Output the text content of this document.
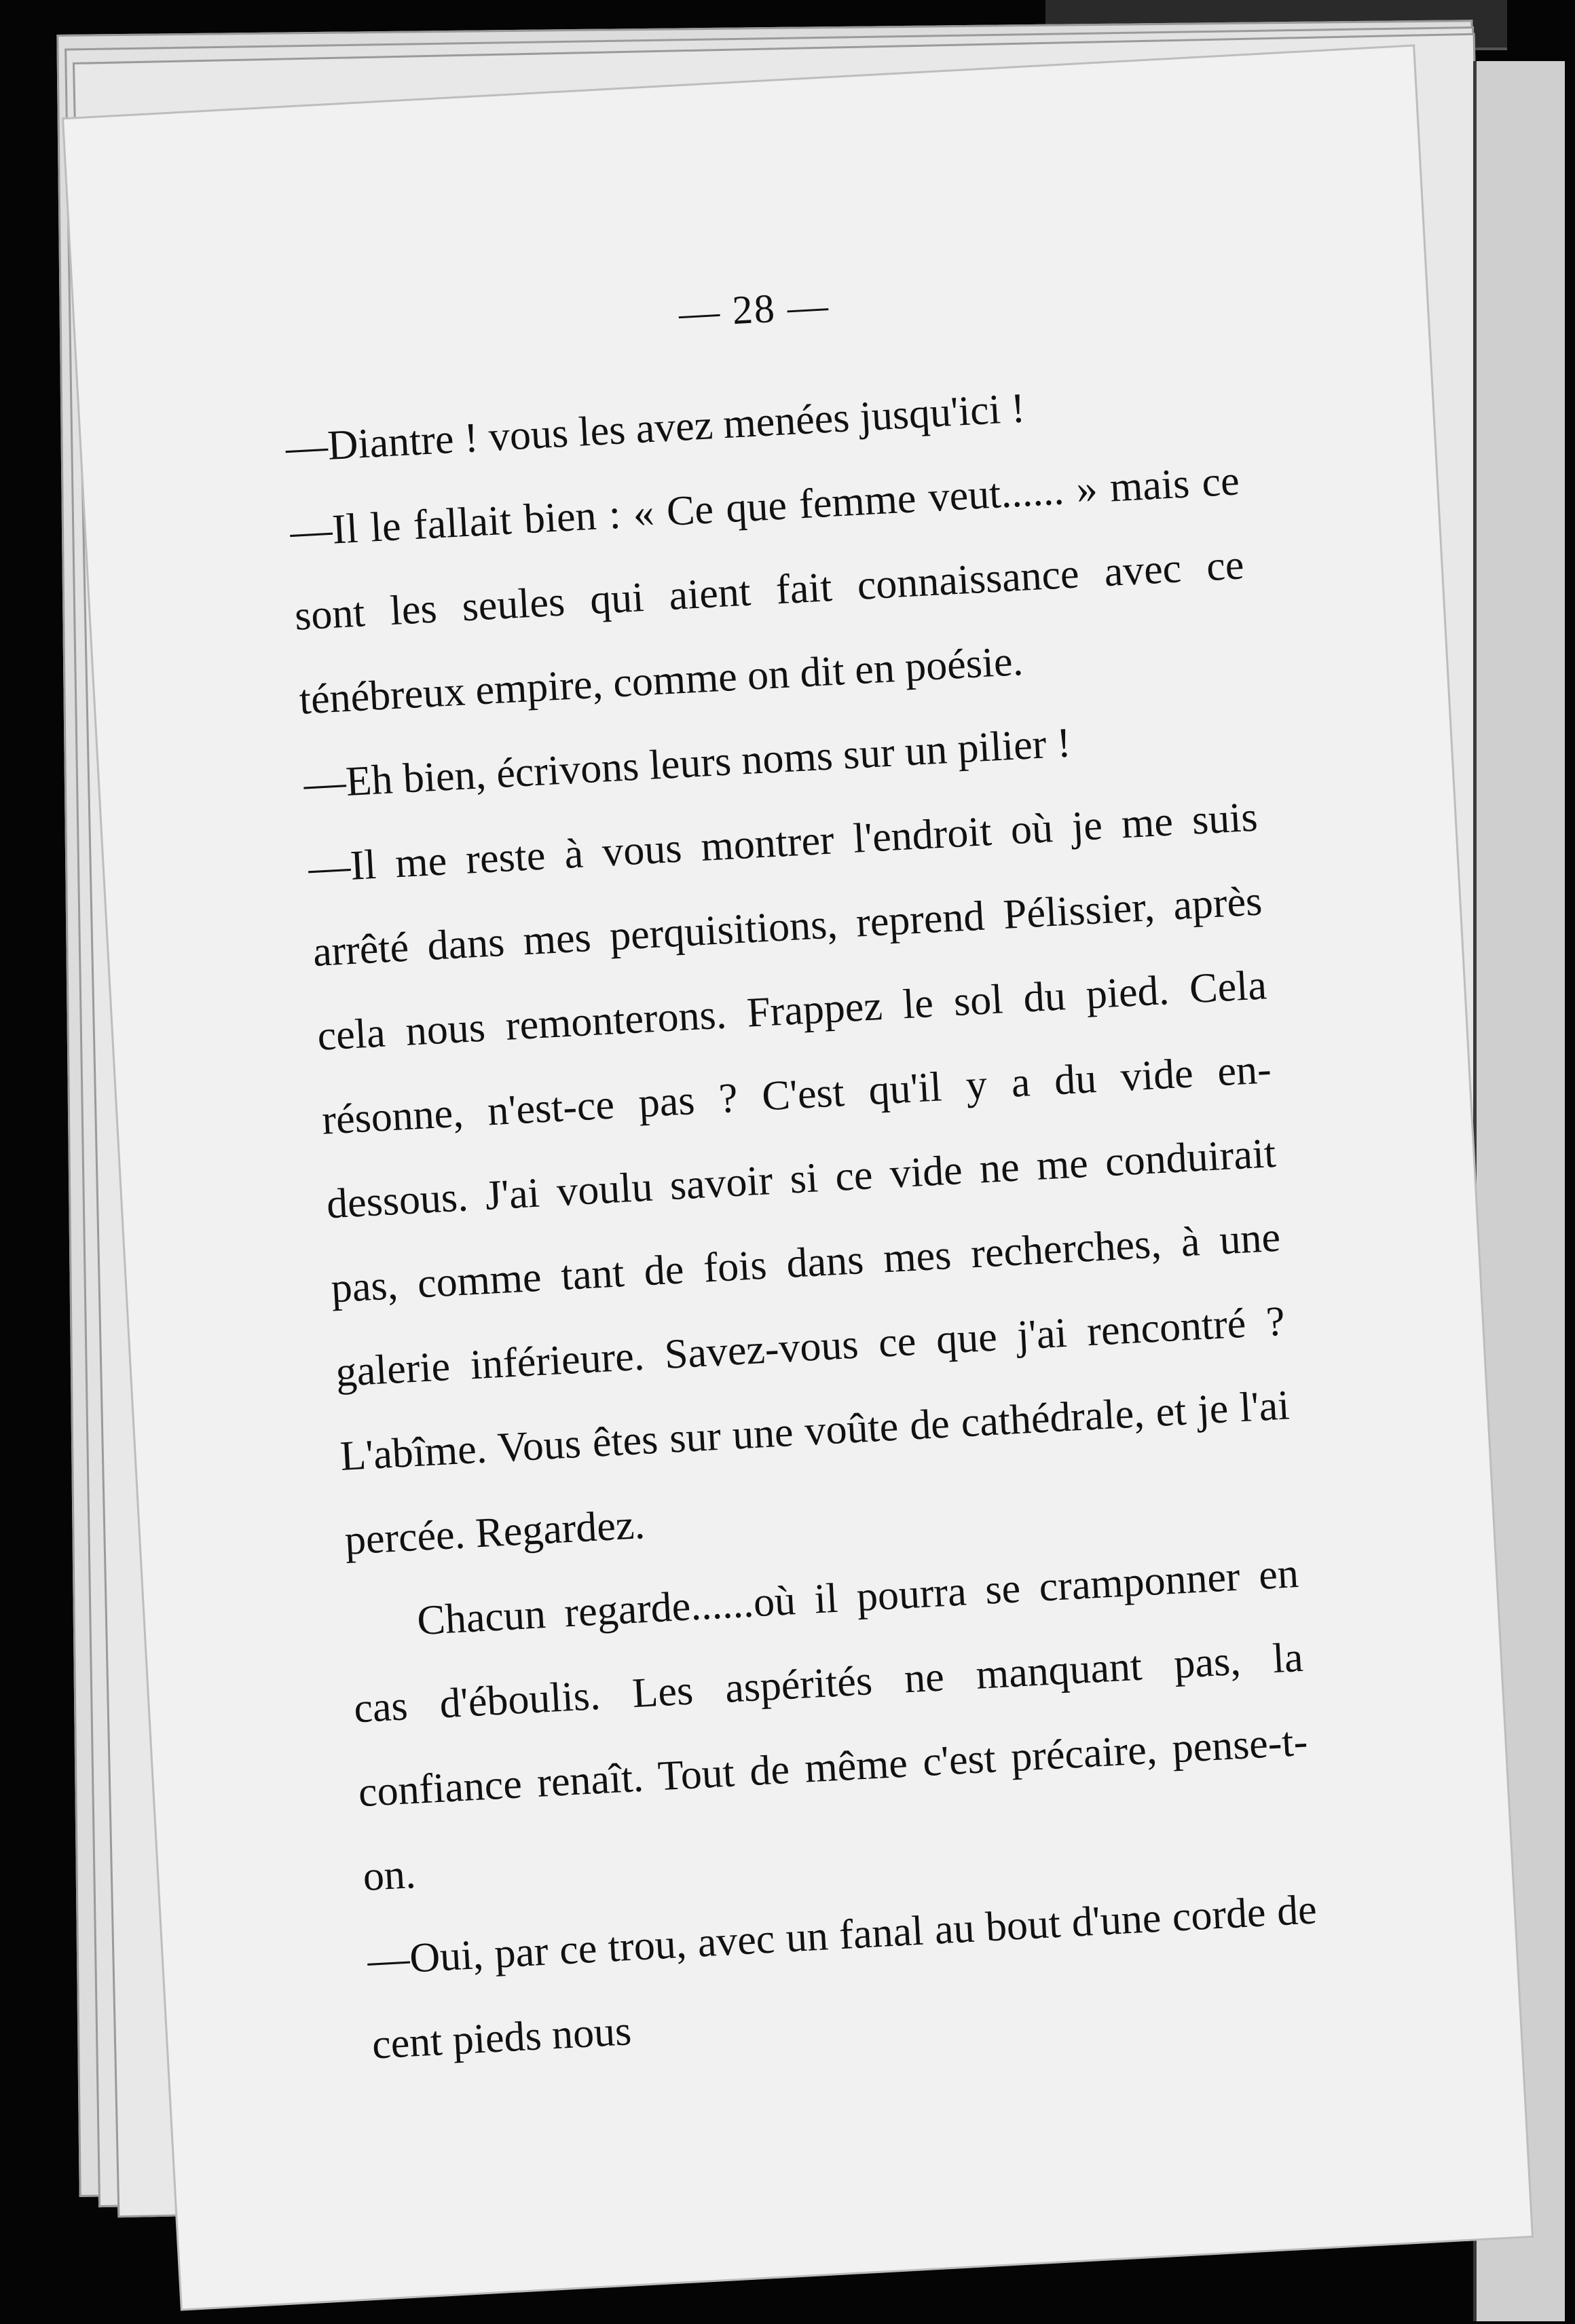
— 28 —

—Diantre ! vous les avez menées jusqu'ici !

—Il le fallait bien : « Ce que femme veut...... » mais ce sont les seules qui aient fait connaissance avec ce ténébreux empire, comme on dit en poésie.

—Eh bien, écrivons leurs noms sur un pilier !

—Il me reste à vous montrer l'endroit où je me suis arrêté dans mes perquisitions, reprend Pélissier, après cela nous remonterons. Frappez le sol du pied. Cela résonne, n'est-ce pas ? C'est qu'il y a du vide en-dessous. J'ai voulu savoir si ce vide ne me conduirait pas, comme tant de fois dans mes recherches, à une galerie inférieure. Savez-vous ce que j'ai rencontré ? L'abîme. Vous êtes sur une voûte de cathédrale, et je l'ai percée. Regardez.

Chacun regarde......où il pourra se cramponner en cas d'éboulis. Les aspérités ne manquant pas, la confiance renaît. Tout de même c'est précaire, pense-t-on.

—Oui, par ce trou, avec un fanal au bout d'une corde de cent pieds nous
